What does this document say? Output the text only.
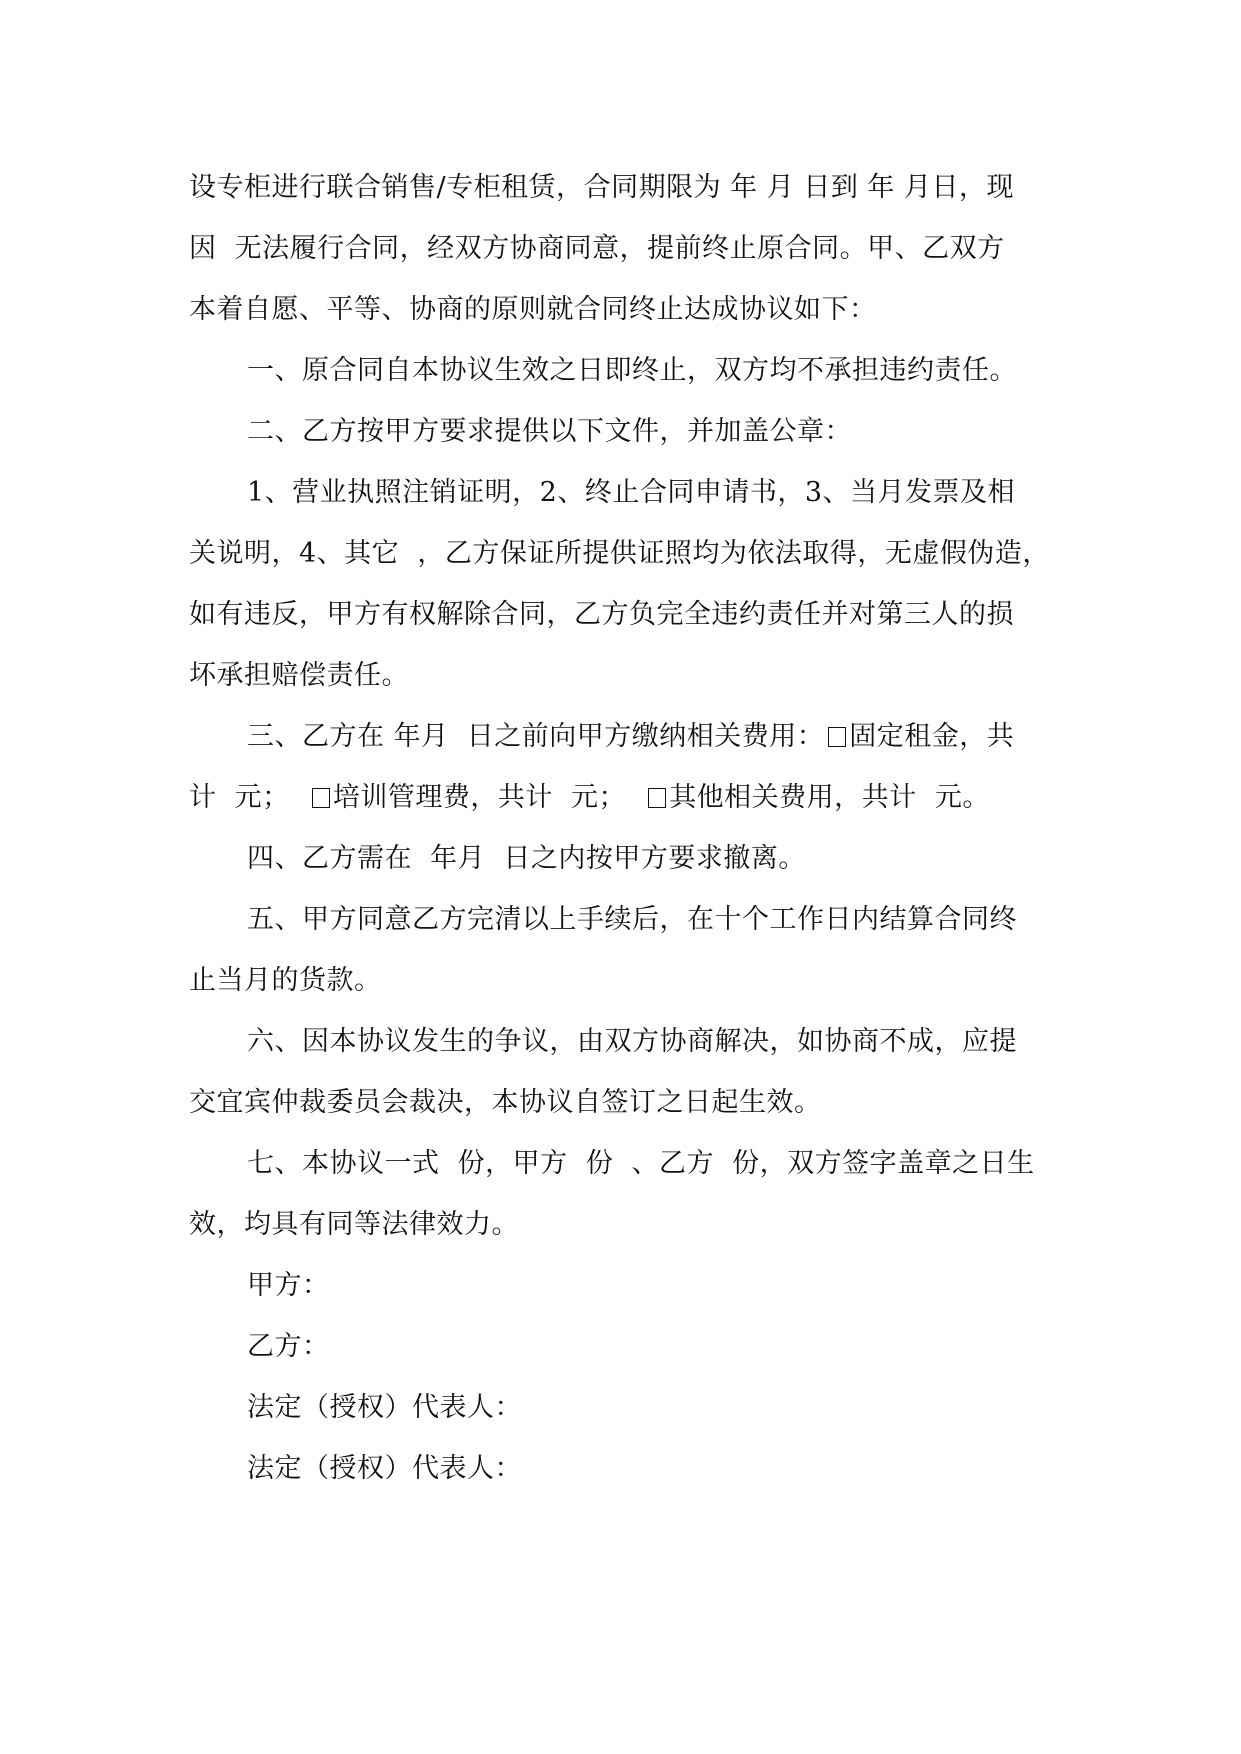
设专柜进行联合销售/专柜租赁，合同期限为 年 月 日到 年 月日，现
因  无法履行合同，经双方协商同意，提前终止原合同。甲、乙双方
本着自愿、平等、协商的原则就合同终止达成协议如下：
一、原合同自本协议生效之日即终止，双方均不承担违约责任。
二、乙方按甲方要求提供以下文件，并加盖公章：
1、营业执照注销证明，2、终止合同申请书，3、当月发票及相
关说明，4、其它  ，乙方保证所提供证照均为依法取得，无虚假伪造，
如有违反，甲方有权解除合同，乙方负完全违约责任并对第三人的损
坏承担赔偿责任。
三、乙方在 年月  日之前向甲方缴纳相关费用： 固定租金，共
计  元； 培训管理费，共计  元； 其他相关费用，共计  元。
四、乙方需在  年月  日之内按甲方要求撤离。
五、甲方同意乙方完清以上手续后，在十个工作日内结算合同终
止当月的货款。
六、因本协议发生的争议，由双方协商解决，如协商不成，应提
交宜宾仲裁委员会裁决，本协议自签订之日起生效。
七、本协议一式  份，甲方  份  、乙方  份，双方签字盖章之日生
效，均具有同等法律效力。
甲方：
乙方：
法定（授权）代表人：
法定（授权）代表人：
